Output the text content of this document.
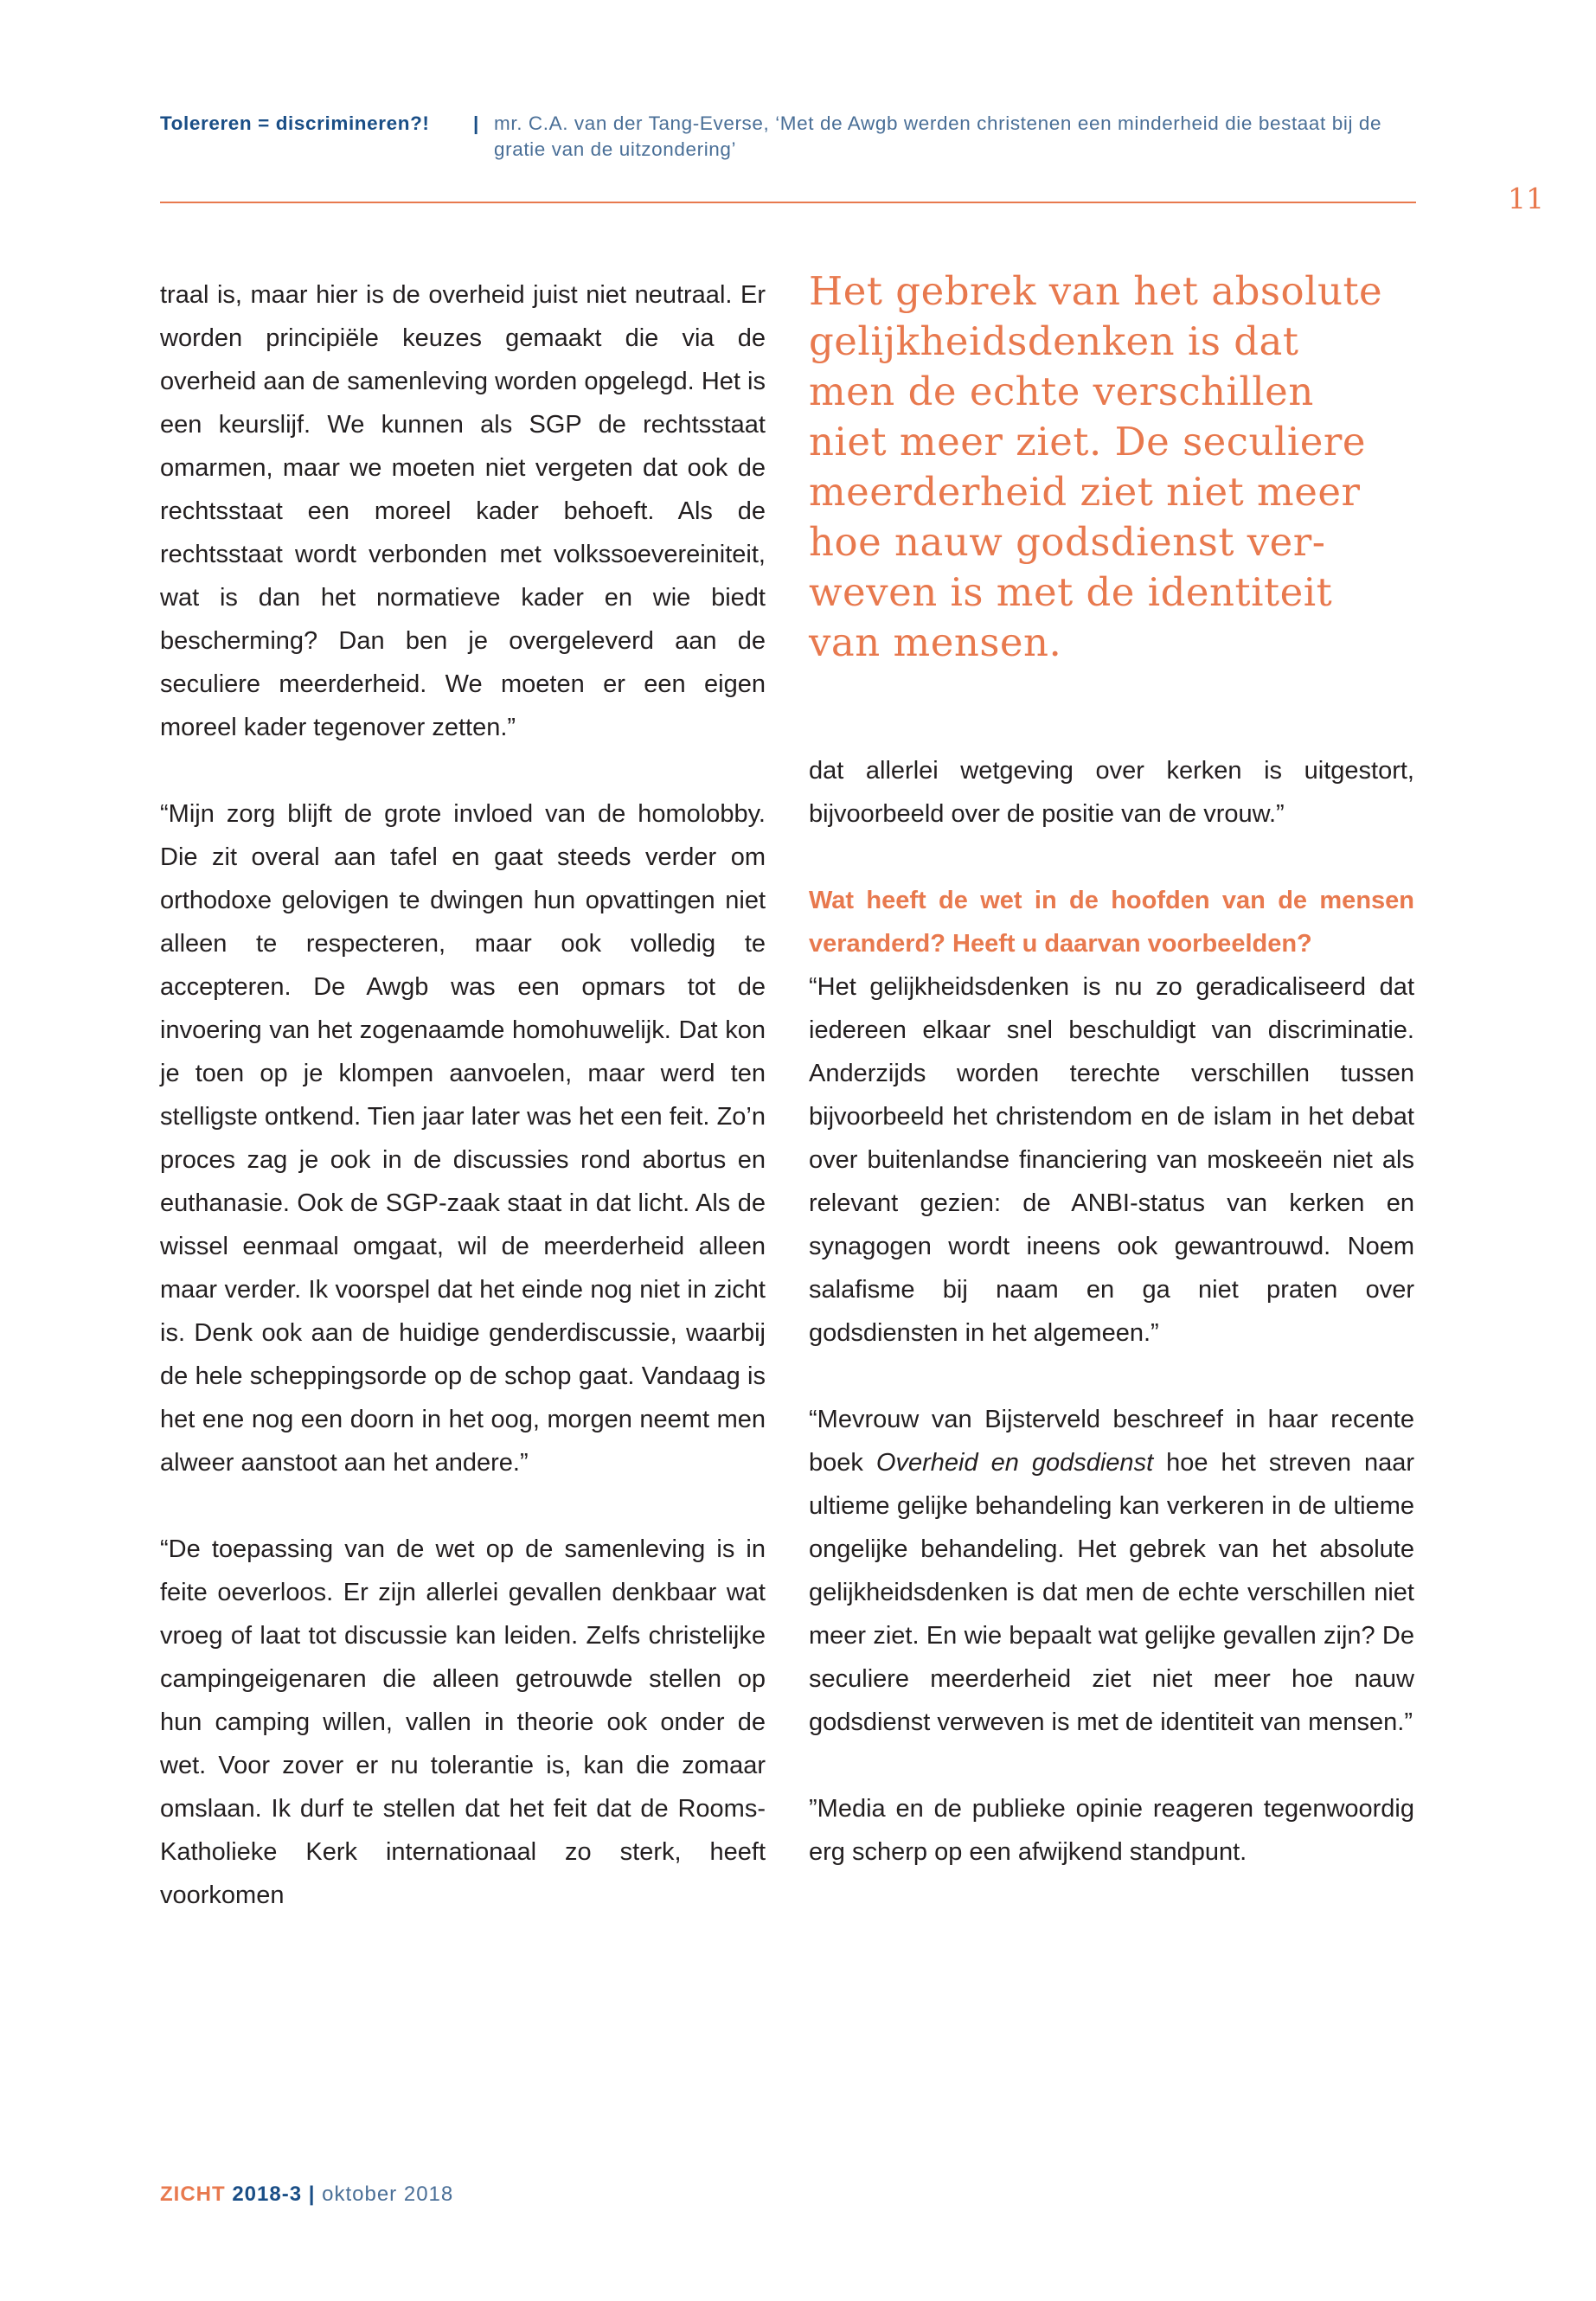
Tolereren = discrimineren?! | mr. C.A. van der Tang-Everse, ‘Met de Awgb werden christenen een minderheid die bestaat bij de gratie van de uitzondering’
11

traal is, maar hier is de overheid juist niet neutraal. Er worden principiële keuzes gemaakt die via de overheid aan de samenleving worden opgelegd. Het is een keurslijf. We kunnen als SGP de rechtsstaat omarmen, maar we moeten niet vergeten dat ook de rechtsstaat een moreel kader behoeft. Als de rechtsstaat wordt verbonden met volkssoevereiniteit, wat is dan het normatieve kader en wie biedt bescherming? Dan ben je overgeleverd aan de seculiere meerderheid. We moeten er een eigen moreel kader tegenover zetten.”

“Mijn zorg blijft de grote invloed van de homolobby. Die zit overal aan tafel en gaat steeds verder om orthodoxe gelovigen te dwingen hun opvattingen niet alleen te respecteren, maar ook volledig te accepteren. De Awgb was een opmars tot de invoering van het zogenaamde homohuwelijk. Dat kon je toen op je klompen aanvoelen, maar werd ten stelligste ontkend. Tien jaar later was het een feit. Zo’n proces zag je ook in de discussies rond abortus en euthanasie. Ook de SGP-zaak staat in dat licht. Als de wissel eenmaal omgaat, wil de meerderheid alleen maar verder. Ik voorspel dat het einde nog niet in zicht is. Denk ook aan de huidige genderdiscussie, waarbij de hele scheppingsorde op de schop gaat. Vandaag is het ene nog een doorn in het oog, morgen neemt men alweer aanstoot aan het andere.”

“De toepassing van de wet op de samenleving is in feite oeverloos. Er zijn allerlei gevallen denkbaar wat vroeg of laat tot discussie kan leiden. Zelfs christelijke campingeigenaren die alleen getrouwde stellen op hun camping willen, vallen in theorie ook onder de wet. Voor zover er nu tolerantie is, kan die zomaar omslaan. Ik durf te stellen dat het feit dat de Rooms-Katholieke Kerk internationaal zo sterk, heeft voorkomen

Het gebrek van het absolute
gelijkheidsdenken is dat
men de echte verschillen
niet meer ziet. De seculiere
meerderheid ziet niet meer
hoe nauw godsdienst ver-
weven is met de identiteit
van mensen.

dat allerlei wetgeving over kerken is uitgestort, bijvoorbeeld over de positie van de vrouw.”

Wat heeft de wet in de hoofden van de mensen veranderd? Heeft u daarvan voorbeelden?

“Het gelijkheidsdenken is nu zo geradicaliseerd dat iedereen elkaar snel beschuldigt van discriminatie. Anderzijds worden terechte verschillen tussen bijvoorbeeld het christendom en de islam in het debat over buitenlandse financiering van moskeeën niet als relevant gezien: de ANBI-status van kerken en synagogen wordt ineens ook gewantrouwd. Noem salafisme bij naam en ga niet praten over godsdiensten in het algemeen.”

“Mevrouw van Bijsterveld beschreef in haar recente boek Overheid en godsdienst hoe het streven naar ultieme gelijke behandeling kan verkeren in de ultieme ongelijke behandeling. Het gebrek van het absolute gelijkheidsdenken is dat men de echte verschillen niet meer ziet. En wie bepaalt wat gelijke gevallen zijn? De seculiere meerderheid ziet niet meer hoe nauw godsdienst verweven is met de identiteit van mensen.”

”Media en de publieke opinie reageren tegenwoordig erg scherp op een afwijkend standpunt.

ZICHT 2018-3 | oktober 2018
